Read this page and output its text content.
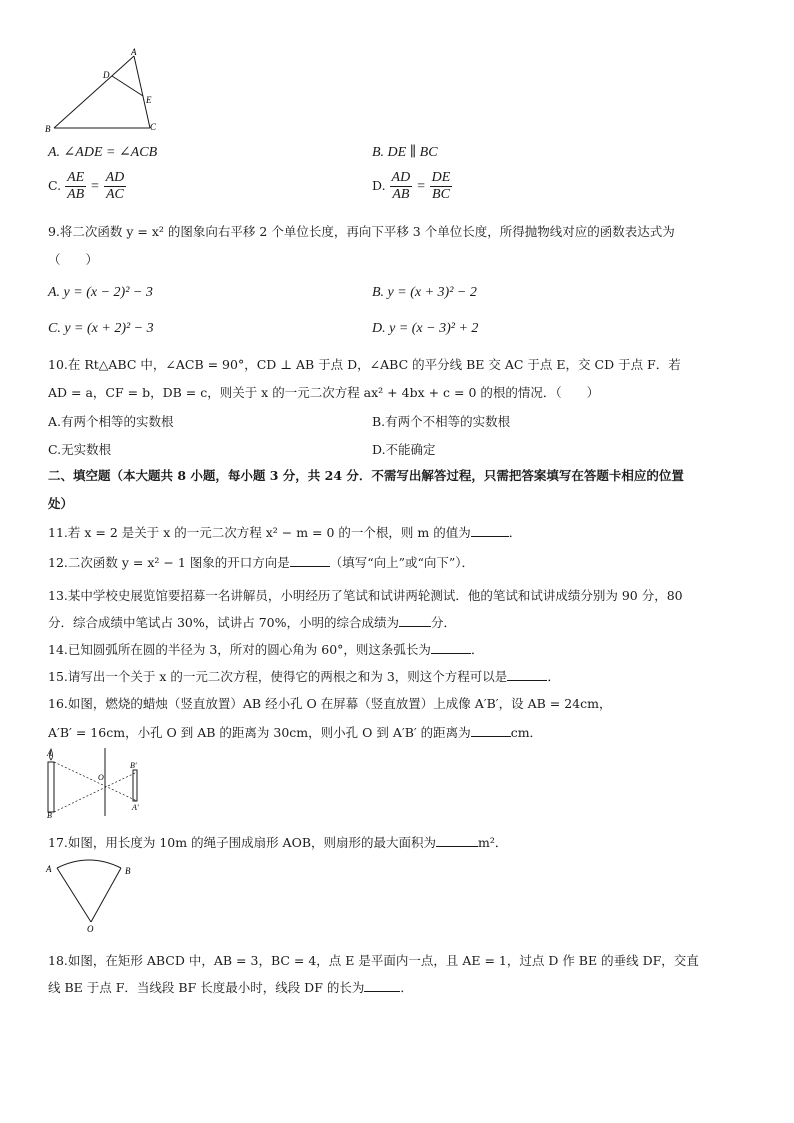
A
D
E
B	C
A. ∠ADE = ∠ACB	B. DE ∥ BC
C. $\frac{AE}{AB} = \frac{AD}{AC}$	D. $\frac{AD}{AB} = \frac{DE}{BC}$
9.将二次函数 y = x² 的图象向右平移 2 个单位长度，再向下平移 3 个单位长度，所得抛物线对应的函数表达式为
（　　）
A. y = (x − 2)² − 3	B. y = (x + 3)² − 2
C. y = (x + 2)² − 3	D. y = (x − 3)² + 2
10.在 Rt△ABC 中，∠ACB = 90°，CD ⊥ AB 于点 D，∠ABC 的平分线 BE 交 AC 于点 E，交 CD 于点 F．若
AD = a，CF = b，DB = c，则关于 x 的一元二次方程 ax² + 4bx + c = 0 的根的情况．（　　）
A.有两个相等的实数根	B.有两个不相等的实数根
C.无实数根	D.不能确定
二、填空题（本大题共 8 小题，每小题 3 分，共 24 分．不需写出解答过程，只需把答案填写在答题卡相应的位置
处）
11.若 x = 2 是关于 x 的一元二次方程 x² − m = 0 的一个根，则 m 的值为	．
12.二次函数 y = x² − 1 图象的开口方向是	（填写“向上”或“向下”）．
13.某中学校史展览馆要招募一名讲解员，小明经历了笔试和试讲两轮测试．他的笔试和试讲成绩分别为 90 分，80
分．综合成绩中笔试占 30%，试讲占 70%，小明的综合成绩为	分．
14.已知圆弧所在圆的半径为 3，所对的圆心角为 60°，则这条弧长为	．
15.请写出一个关于 x 的一元二次方程，使得它的两根之和为 3，则这个方程可以是	．
16.如图，燃烧的蜡烛（竖直放置）AB 经小孔 O 在屏幕（竖直放置）上成像 A′B′，设 AB = 24cm，
A′B′ = 16cm，小孔 O 到 AB 的距离为 30cm，则小孔 O 到 A′B′ 的距离为	cm．
A
B
O
B′
A′
17.如图，用长度为 10m 的绳子围成扇形 AOB，则扇形的最大面积为	m²．
A	B
O
18.如图，在矩形 ABCD 中，AB = 3，BC = 4，点 E 是平面内一点，且 AE = 1，过点 D 作 BE 的垂线 DF，交直
线 BE 于点 F．当线段 BF 长度最小时，线段 DF 的长为	．
